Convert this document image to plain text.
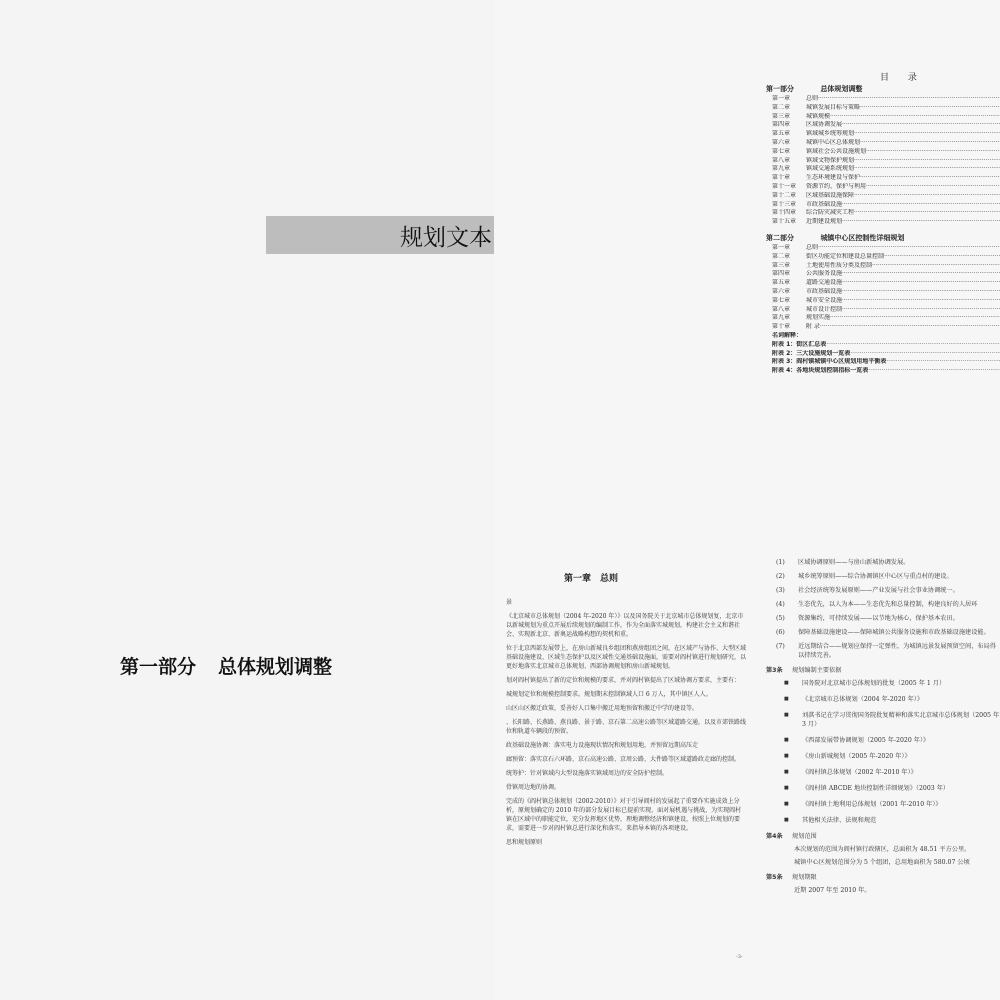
规划文本
目 录
第一部分	总体规划调整
第一章	总则 ·····
第二章	城镇发展目标与策略 ·····
第三章	城镇规模 ·····
第四章	区域协调发展 ·····
第五章	镇域城乡统筹规划 ·····
第六章	城镇中心区总体规划 ·····
第七章	镇域社会公共设施规划 ·····
第八章	镇域文物保护规划 ·····
第九章	镇域交通系统规划 ·····
第十章	生态环境建设与保护 ·····
第十一章 资源节约、保护与利用 ·····
第十二章 区域基础设施保障 ·····
第十三章 市政基础设施 ·····
第十四章 综合防灾减灾工程 ·····
第十五章 近期建设规划 ·····
第二部分	城镇中心区控制性详细规划
第一章	总则 ·····
第二章	街区功能定位和建设总量控制 ·····
第三章	土地使用性质分类及控制 ·····
第四章	公共服务设施 ·····
第五章	道路交通设施 ·····
第六章	市政基础设施 ·····
第七章	城市安全设施 ·····
第八章	城市设计控制 ·····
第九章	规划实施 ·····
第十章	附 录 ·····
名词解释：
附表 1：街区汇总表 ·····
附表 2：三大设施规划一览表 ·····
附表 3：阎村镇城镇中心区规划用地平衡表 ·····
附表 4：各地块规划控制指标一览表 ·····
第一部分 总体规划调整
第一章　总则

景

《北京城市总体规划（2004 年-2020 年）》以及国务院关于北京城市总体规划复，北京市以新城规划为重点开展后续规划的编制工作，作为全面落实城规划，构建社会主义和谐社会、实现新北京、新奥运战略构想的契机和重。

位于北京西部发展带上，在房山新城良乡组团和燕房组团之间，在区域产与协作、大型区域基础设施建设、区域生态保护以及区域性交通基础设施面，需要对阎村镇进行规划研究，以更好地落实北京城市总体规划、西部协调规划和房山新城规划。

划对阎村镇提出了新的定位和规模的要求，并对阎村镇提出了区域协调方要求，主要有：

城规划定位和规模控制要求。规划期末控制镇域人口 6 万人，其中镇区人人。

山区山区搬迁政策，妥善好人口集中搬迁用地预留和搬迁中学的建设等。

、长阳路、长燕路、燕良路、景于路、京石第二高速公路等区域道路交通，以及市郊铁路线位和轨道车辆段的预留。

政基础设施协调：落实电力设施现状情况和规划用地，并预留远期高压走

廊预留：落实京石六环路、京石高速公路、京周公路、大件路等区域道路政走廊的控制。

统筹护：针对镇域内大型设施落实镇域周边的安全防护控制。

骨镇周边地的协调。

完成的《阎村镇总体规划（2002-2010）》对于引导阎村的发展起了重要作实施成效上分析，原规划确定的 2010 年的部分发展目标已提前实现，面对展机遇与挑战，为实现阎村镇在区域中的职能定位，充分发挥地区优势，理地调整经济和镇建设，按照上位规划的要求，需要进一步对阎村镇总进行深化和落实，来指导本镇的各项建设。

思和规划原则

-3-
(1) 区域协调原则——与房山新城协调发展。
(2) 城乡统筹原则——综合协调镇区中心区与重点村的建设。
(3) 社会经济统筹发展原则——产业发展与社会事业协调统一。
(4) 生态优先，以人为本——生态优先和总量控制，构建良好的人居环
(5) 资源集约，可持续发展——以节地为核心，保护基本农田。
(6) 保障基础设施建设——保障城镇公共服务设施和市政基础设施建设能。
(7) 近远期结合——规划应保持一定弹性，为城镇远景发展预留空间，布局得以持续完善。
第3条 规划编制主要依据
■ 国务院对北京城市总体规划的批复（2005 年 1 月）
■ 《北京城市总体规划（2004 年-2020 年）》
■ 刘淇书记在学习贯彻国务院批复精神和落实北京城市总体规划（2005 年 3 月）
■ 《西部发展带协调规划（2005 年-2020 年）》
■ 《房山新城规划（2005 年-2020 年）》
■ 《阎村镇总体规划（2002 年-2010 年）》
■ 《阎村镇 ABCDE 地块控制性详细规划》（2003 年）
■ 《阎村镇土地利用总体规划（2001 年-2010 年）》
■ 其他相关法律、法规和规范
第4条 规划范围
本次规划的范围为阎村镇行政辖区，总面积为 48.51 平方公里。
城镇中心区规划范围分为 5 个组团，总用地面积为 580.07 公顷
第5条 规划期限
近期 2007 年至 2010 年。
